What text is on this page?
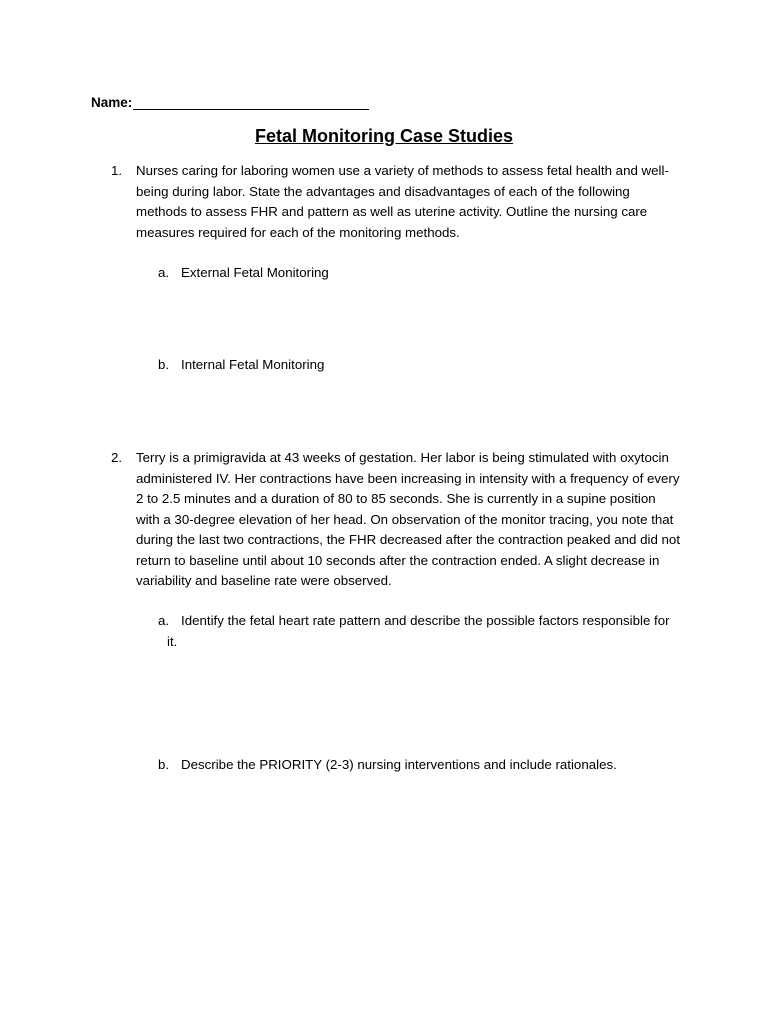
Name:
Fetal Monitoring Case Studies
1. Nurses caring for laboring women use a variety of methods to assess fetal health and well-being during labor. State the advantages and disadvantages of each of the following methods to assess FHR and pattern as well as uterine activity. Outline the nursing care measures required for each of the monitoring methods.
a. External Fetal Monitoring
b. Internal Fetal Monitoring
2. Terry is a primigravida at 43 weeks of gestation. Her labor is being stimulated with oxytocin administered IV. Her contractions have been increasing in intensity with a frequency of every 2 to 2.5 minutes and a duration of 80 to 85 seconds. She is currently in a supine position with a 30-degree elevation of her head. On observation of the monitor tracing, you note that during the last two contractions, the FHR decreased after the contraction peaked and did not return to baseline until about 10 seconds after the contraction ended. A slight decrease in variability and baseline rate were observed.
a. Identify the fetal heart rate pattern and describe the possible factors responsible for it.
b. Describe the PRIORITY (2-3) nursing interventions and include rationales.
